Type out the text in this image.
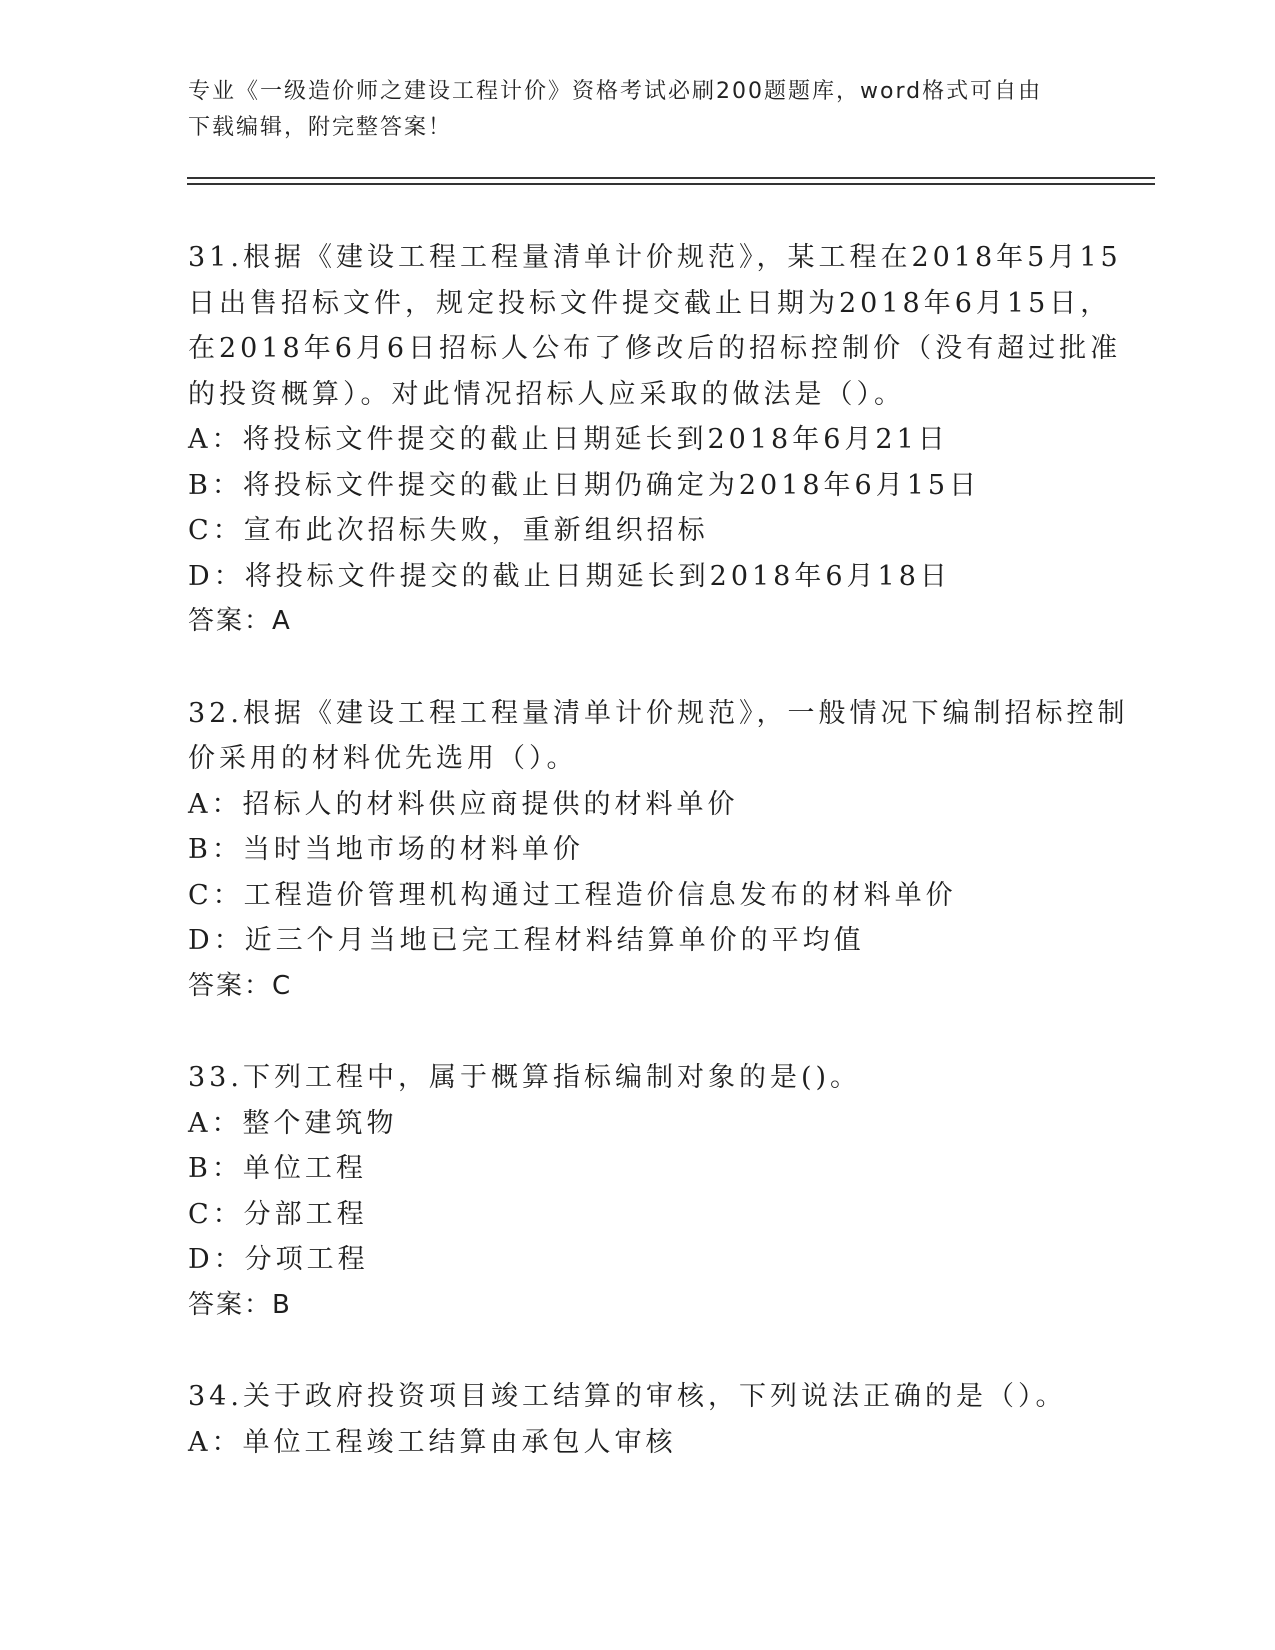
专业《一级造价师之建设工程计价》资格考试必刷200题题库，word格式可自由
下载编辑，附完整答案！
31.根据《建设工程工程量清单计价规范》，某工程在2018年5月15
日出售招标文件，规定投标文件提交截止日期为2018年6月15日，
在2018年6月6日招标人公布了修改后的招标控制价（没有超过批准
的投资概算）。对此情况招标人应采取的做法是（）。
A：将投标文件提交的截止日期延长到2018年6月21日
B：将投标文件提交的截止日期仍确定为2018年6月15日
C：宣布此次招标失败，重新组织招标
D：将投标文件提交的截止日期延长到2018年6月18日
答案：A
32.根据《建设工程工程量清单计价规范》，一般情况下编制招标控制
价采用的材料优先选用（）。
A：招标人的材料供应商提供的材料单价
B：当时当地市场的材料单价
C：工程造价管理机构通过工程造价信息发布的材料单价
D：近三个月当地已完工程材料结算单价的平均值
答案：C
33.下列工程中，属于概算指标编制对象的是()。
A：整个建筑物
B：单位工程
C：分部工程
D：分项工程
答案：B
34.关于政府投资项目竣工结算的审核，下列说法正确的是（）。
A：单位工程竣工结算由承包人审核
